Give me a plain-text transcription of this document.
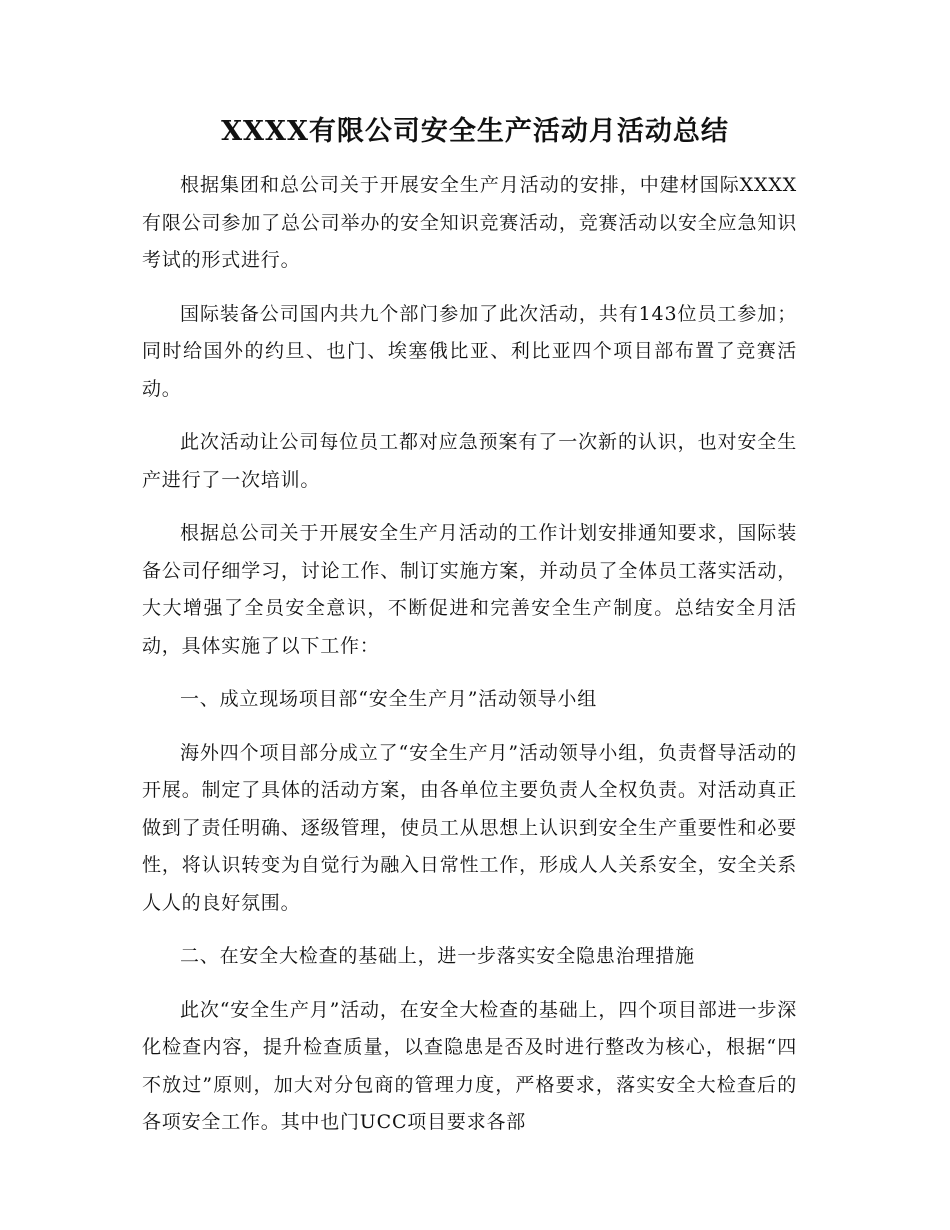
XXXX有限公司安全生产活动月活动总结

根据集团和总公司关于开展安全生产月活动的安排，中建材国际XXXX有限公司参加了总公司举办的安全知识竞赛活动，竞赛活动以安全应急知识考试的形式进行。

国际装备公司国内共九个部门参加了此次活动，共有143位员工参加；同时给国外的约旦、也门、埃塞俄比亚、利比亚四个项目部布置了竞赛活动。

此次活动让公司每位员工都对应急预案有了一次新的认识，也对安全生产进行了一次培训。

根据总公司关于开展安全生产月活动的工作计划安排通知要求，国际装备公司仔细学习，讨论工作、制订实施方案，并动员了全体员工落实活动，大大增强了全员安全意识，不断促进和完善安全生产制度。总结安全月活动，具体实施了以下工作：

一、成立现场项目部“安全生产月”活动领导小组

海外四个项目部分成立了“安全生产月”活动领导小组，负责督导活动的开展。制定了具体的活动方案，由各单位主要负责人全权负责。对活动真正做到了责任明确、逐级管理，使员工从思想上认识到安全生产重要性和必要性，将认识转变为自觉行为融入日常性工作，形成人人关系安全，安全关系人人的良好氛围。

二、在安全大检查的基础上，进一步落实安全隐患治理措施

此次“安全生产月”活动，在安全大检查的基础上，四个项目部进一步深化检查内容，提升检查质量，以查隐患是否及时进行整改为核心，根据“四不放过”原则，加大对分包商的管理力度，严格要求，落实安全大检查后的各项安全工作。其中也门UCC项目要求各部
